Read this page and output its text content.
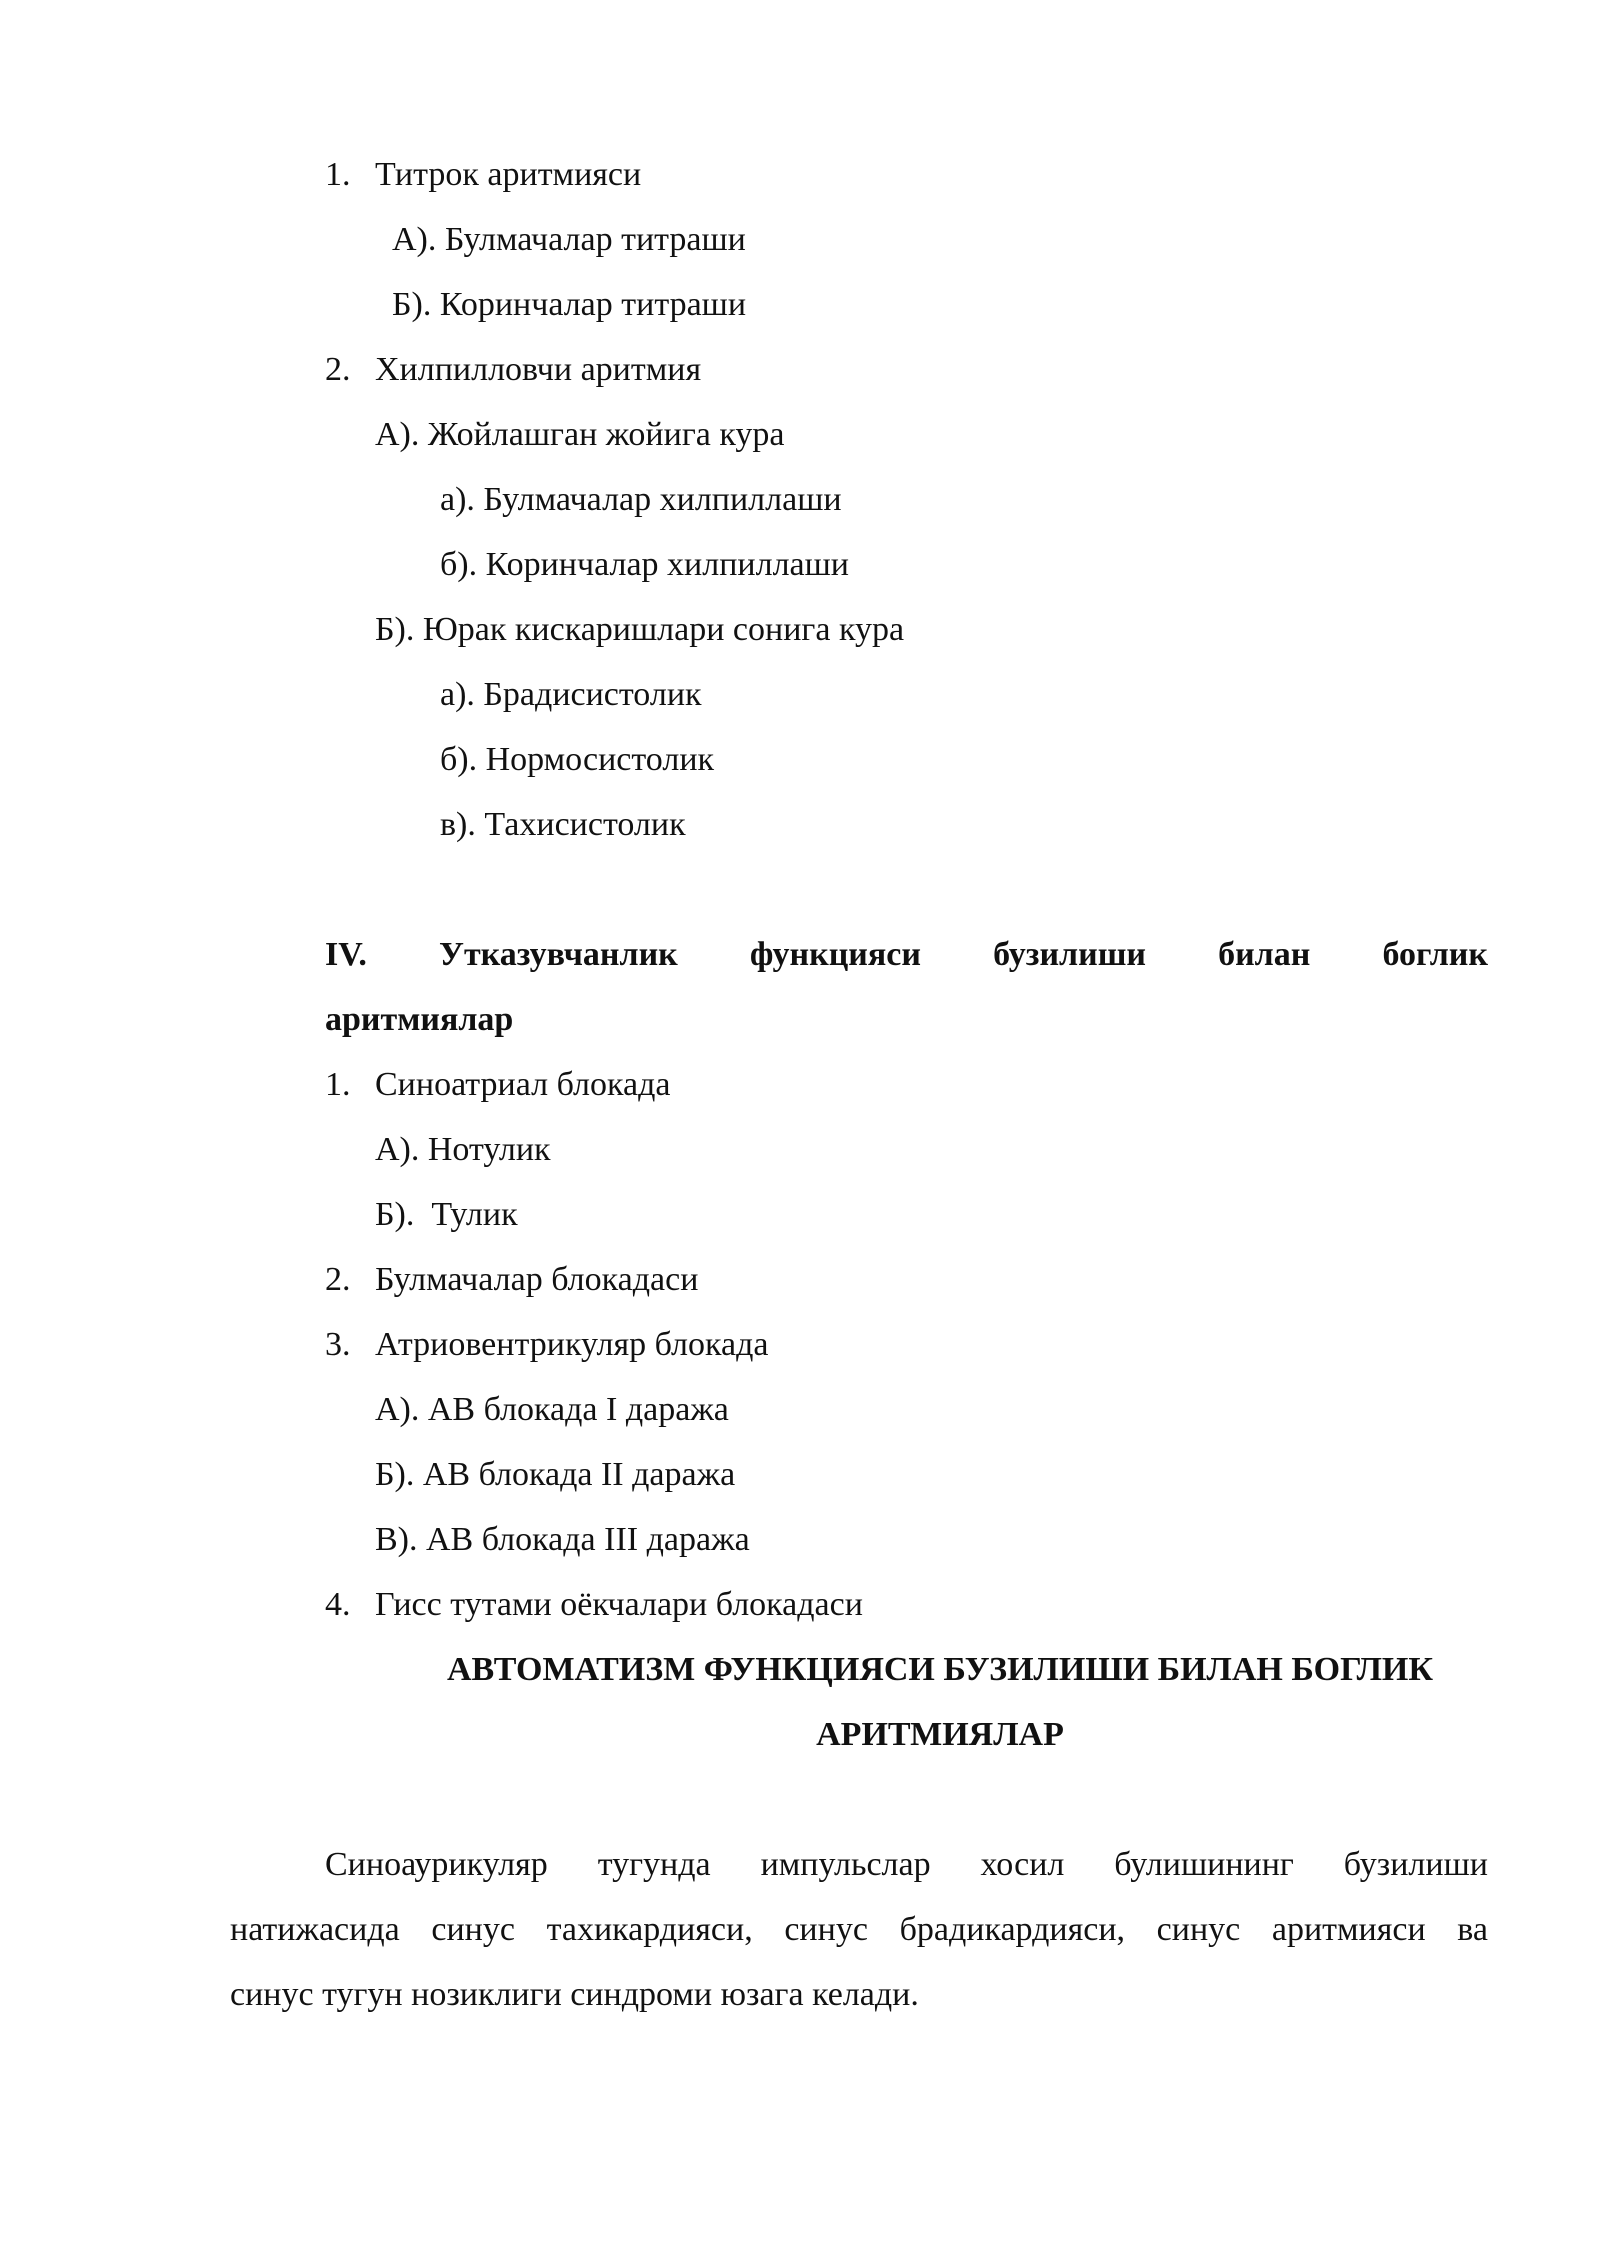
1. Титрок аритмияси
А). Булмачалар титраши
Б). Коринчалар титраши
2. Хилпилловчи аритмия
А). Жойлашган жойига кура
а). Булмачалар хилпиллаши
б). Коринчалар хилпиллаши
Б). Юрак кискаришлари сонига кура
а). Брадисистолик
б). Нормосистолик
в). Тахисистолик
IV. Утказувчанлик функцияси бузилиши билан боглик
аритмиялар
1. Синоатриал блокада
А). Нотулик
Б).  Тулик
2. Булмачалар блокадаси
3. Атриовентрикуляр блокада
А). АВ блокада I даража
Б). АВ блокада II даража
В). АВ блокада III даража
4. Гисс тутами оёкчалари блокадаси
АВТОМАТИЗМ ФУНКЦИЯСИ БУЗИЛИШИ БИЛАН БОГЛИК
АРИТМИЯЛАР
Синоаурикуляр тугунда импульслар хосил булишининг бузилиши
натижасида синус тахикардияси, синус брадикардияси, синус аритмияси ва
синус тугун нозиклиги синдроми юзага келади.
